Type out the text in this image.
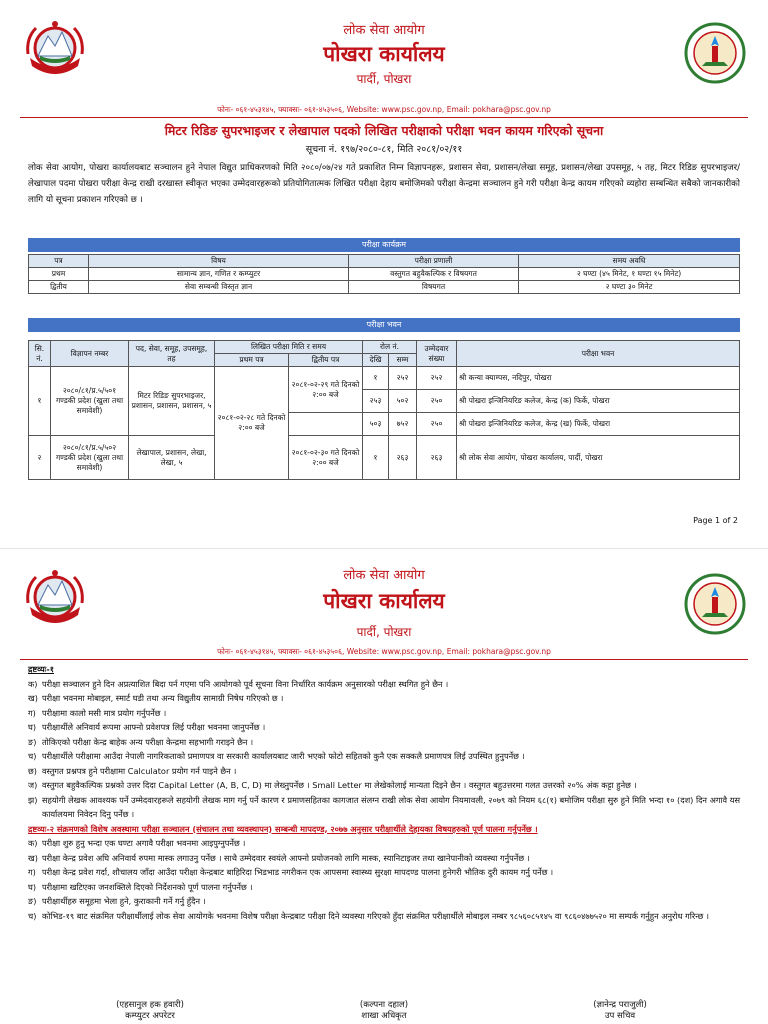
लोक सेवा आयोग
पोखरा कार्यालय
पार्दी, पोखरा
फोनः- ०६१-४५३१४५, फ्याक्सः- ०६१-४५३५०६, Website: www.psc.gov.np, Email: pokhara@psc.gov.np
मिटर रिडिङ सुपरभाइजर र लेखापाल पदको लिखित परीक्षाको परीक्षा भवन कायम गरिएको सूचना
सूचना नं. १९७/२०८०-८१, मिति २०८१/०२/११
लोक सेवा आयोग, पोखरा कार्यालयबाट सञ्चालन हुने नेपाल विद्युत प्राधिकरणको मिति २०८०/०७/२४ गते प्रकाशित निम्न विज्ञापनहरू, प्रशासन सेवा, प्रशासन/लेखा समूह, प्रशासन/लेखा उपसमूह, ५ तह, मिटर रिडिङ सुपरभाइजर/लेखापाल पदमा पोखरा परीक्षा केन्द्र राखी दरखास्त स्वीकृत भएका उम्मेदवारहरूको प्रतियोगितात्मक लिखित परीक्षा देहाय बमोजिमको परीक्षा केन्द्रमा सञ्चालन हुने गरी परीक्षा केन्द्र कायम गरिएको व्यहोरा सम्बन्धित सबैको जानकारीको लागि यो सूचना प्रकाशन गरिएको छ ।
परीक्षा कार्यक्रम
पत्र	विषय	परीक्षा प्रणाली	समय अवधि
प्रथम	सामान्य ज्ञान, गणित र कम्प्युटर	वस्तुगत बहुवैकल्पिक र विषयगत	२ घण्टा (४५ मिनेट, १ घण्टा १५ मिनेट)
द्वितीय	सेवा सम्बन्धी विस्तृत ज्ञान	विषयगत	२ घण्टा ३० मिनेट
परीक्षा भवन
सि. नं.	विज्ञापन नम्बर	पद, सेवा, समूह, उपसमूह, तह	लिखित परीक्षा मिति र समय		रोल नं.		उम्मेदवार संख्या	परीक्षा भवन
			प्रथम पत्र	द्वितीय पत्र	देखि	सम्म		
१	२०८०/८१/प्र.५/५०१ गण्डकी प्रदेश (खुला तथा समावेशी)	मिटर रिडिङ सुपरभाइजर, प्रशासन, प्रशासन, प्रशासन, ५	२०८१-०२-२८ गते दिनको २:०० बजे	२०८१-०२-२९ गते दिनको २:०० बजे	१	२५२	२५२	श्री कन्या क्याम्पस, नदिपुर, पोखरा
					२५३	५०२	२५०	श्री पोखरा इन्जिनियरिङ कलेज, केन्द्र (क) फिर्के, पोखरा
					५०३	७५२	२५०	श्री पोखरा इन्जिनियरिङ कलेज, केन्द्र (ख) फिर्के, पोखरा
२	२०८०/८१/प्र.५/५०२ गण्डकी प्रदेश (खुला तथा समावेशी)	लेखापाल, प्रशासन, लेखा, लेखा, ५		२०८१-०२-३० गते दिनको २:०० बजे	१	२६३	२६३	श्री लोक सेवा आयोग, पोखरा कार्यालय, पार्दी, पोखरा
Page 1 of 2
लोक सेवा आयोग
पोखरा कार्यालय
पार्दी, पोखरा
फोनः- ०६१-४५३१४५, फ्याक्सः- ०६१-४५३५०६, Website: www.psc.gov.np, Email: pokhara@psc.gov.np
द्रष्टव्यः-१
क) परीक्षा सञ्चालन हुने दिन अप्रत्याशित बिदा पर्न गएमा पनि आयोगको पूर्व सूचना विना निर्धारित कार्यक्रम अनुसारको परीक्षा स्थगित हुने छैन ।
ख) परीक्षा भवनमा मोबाइल, स्मार्ट घडी तथा अन्य विद्युतीय सामाग्री निषेध गरिएको छ ।
ग) परीक्षामा कालो मसी मात्र प्रयोग गर्नुपर्नेछ ।
घ) परीक्षार्थीले अनिवार्य रूपमा आफ्नो प्रवेशपत्र लिई परीक्षा भवनमा जानुपर्नेछ ।
ङ) तोकिएको परीक्षा केन्द्र बाहेक अन्य परीक्षा केन्द्रमा सहभागी गराइने छैन ।
च) परीक्षार्थीले परीक्षामा आउँदा नेपाली नागरिकताको प्रमाणपत्र वा सरकारी कार्यालयबाट जारी भएको फोटो सहितको कुनै एक सक्कलै प्रमाणपत्र लिई उपस्थित हुनुपर्नेछ ।
छ) वस्तुगत प्रश्नपत्र हुने परीक्षामा Calculator प्रयोग गर्न पाइने छैन ।
ज) वस्तुगत बहुवैकल्पिक प्रश्नको उत्तर दिदा Capital Letter (A, B, C, D) मा लेख्नुपर्नेछ । Small Letter मा लेखेकोलाई मान्यता दिइने छैन । वस्तुगत बहुउत्तरमा गलत उत्तरको २०% अंक कट्टा हुनेछ ।
झ) सहयोगी लेखक आवश्यक पर्ने उम्मेदवारहरूले सहयोगी लेखक माग गर्नु पर्ने कारण र प्रमाणसहितका कागजात संलग्न राखी लोक सेवा आयोग नियमावली, २०७९ को नियम ६८(१) बमोजिम परीक्षा सुरु हुने मिति भन्दा १० (दश) दिन अगावै यस कार्यालयमा निवेदन दिनु पर्नेछ ।
द्रष्टव्यः-२ संक्रमणको विशेष अवस्थामा परीक्षा सञ्चालन (संचालन तथा व्यवस्थापन) सम्बन्धी मापदण्ड, २०७७ अनुसार परीक्षार्थीले देहायका विषयहरुको पूर्ण पालना गर्नुपर्नेछ ।
क) परीक्षा शुरु हुनु भन्दा एक घण्टा अगावै परीक्षा भवनमा आइपुग्नुपर्नेछ ।
ख) परीक्षा केन्द्र प्रवेश अघि अनिवार्य रुपमा मास्क लगाउनु पर्नेछ । साथै उम्मेदवार स्वयंले आफ्नो प्रयोजनको लागि मास्क, स्यानिटाइजर तथा खानेपानीको व्यवस्था गर्नुपर्नेछ ।
ग) परीक्षा केन्द्र प्रवेश गर्दा, शौचालय जाँदा आउँदा परीक्षा केन्द्रबाट बाहिरिदा भिडभाड नगरीकन एक आपसमा स्वास्थ्य सुरक्षा मापदण्ड पालना हुनेगरी भौतिक दुरी कायम गर्नु पर्नेछ ।
घ) परीक्षामा खटिएका जनशक्तिले दिएको निर्देशनको पूर्ण पालना गर्नुपर्नेछ ।
ङ) परीक्षार्थीहरु समूहमा भेला हुने, कुराकानी गर्ने गर्नु हुँदैन ।
च) कोभिड-१९ बाट संक्रमित परीक्षार्थीलाई लोक सेवा आयोगके भवनमा विशेष परीक्षा केन्द्रबाट परीक्षा दिने व्यवस्था गरिएको हुँदा संक्रमित परीक्षार्थीले मोबाइल नम्बर ९८५६०८५१४५ वा ९८६०४७७५२० मा सम्पर्क गर्नुहुन अनुरोध गरिन्छ ।
(एहसानुल हक हवारी)
कम्प्युटर अपरेटर
(कल्पना दहाल)
शाखा अधिकृत
(ज्ञानेन्द्र पराजुली)
उप सचिव
